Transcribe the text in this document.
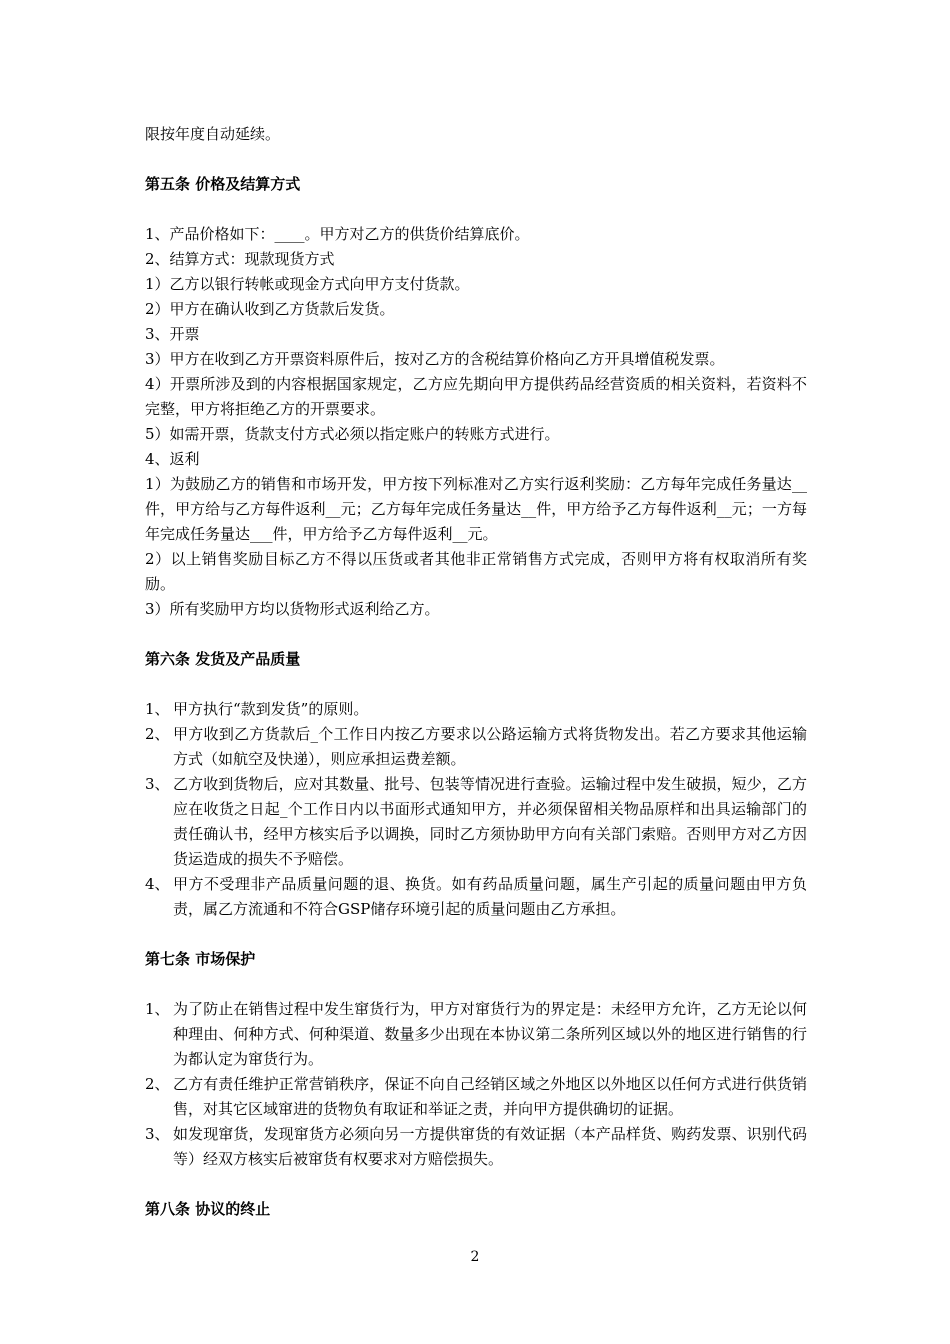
限按年度自动延续。

第五条 价格及结算方式

1、产品价格如下：____。甲方对乙方的供货价结算底价。

2、结算方式：现款现货方式

1）乙方以银行转帐或现金方式向甲方支付货款。

2）甲方在确认收到乙方货款后发货。

3、开票

3）甲方在收到乙方开票资料原件后，按对乙方的含税结算价格向乙方开具增值税发票。

4）开票所涉及到的内容根据国家规定，乙方应先期向甲方提供药品经营资质的相关资料，若资料不完整，甲方将拒绝乙方的开票要求。

5）如需开票，货款支付方式必须以指定账户的转账方式进行。

4、返利

1）为鼓励乙方的销售和市场开发，甲方按下列标准对乙方实行返利奖励：乙方每年完成任务量达__件，甲方给与乙方每件返利__元；乙方每年完成任务量达__件，甲方给予乙方每件返利__元；一方每年完成任务量达___件，甲方给予乙方每件返利__元。

2）以上销售奖励目标乙方不得以压货或者其他非正常销售方式完成，否则甲方将有权取消所有奖励。

3）所有奖励甲方均以货物形式返利给乙方。

第六条 发货及产品质量

1、 甲方执行“款到发货”的原则。
2、 甲方收到乙方货款后_个工作日内按乙方要求以公路运输方式将货物发出。若乙方要求其他运输方式（如航空及快递），则应承担运费差额。
3、 乙方收到货物后，应对其数量、批号、包装等情况进行查验。运输过程中发生破损，短少，乙方应在收货之日起_个工作日内以书面形式通知甲方，并必须保留相关物品原样和出具运输部门的责任确认书，经甲方核实后予以调换，同时乙方须协助甲方向有关部门索赔。否则甲方对乙方因货运造成的损失不予赔偿。
4、 甲方不受理非产品质量问题的退、换货。如有药品质量问题，属生产引起的质量问题由甲方负责，属乙方流通和不符合GSP储存环境引起的质量问题由乙方承担。

第七条 市场保护

1、 为了防止在销售过程中发生窜货行为，甲方对窜货行为的界定是：未经甲方允许，乙方无论以何种理由、何种方式、何种渠道、数量多少出现在本协议第二条所列区域以外的地区进行销售的行为都认定为窜货行为。
2、 乙方有责任维护正常营销秩序，保证不向自己经销区域之外地区以外地区以任何方式进行供货销售，对其它区域窜进的货物负有取证和举证之责，并向甲方提供确切的证据。
3、 如发现窜货，发现窜货方必须向另一方提供窜货的有效证据（本产品样货、购药发票、识别代码等）经双方核实后被窜货有权要求对方赔偿损失。

第八条 协议的终止

2
